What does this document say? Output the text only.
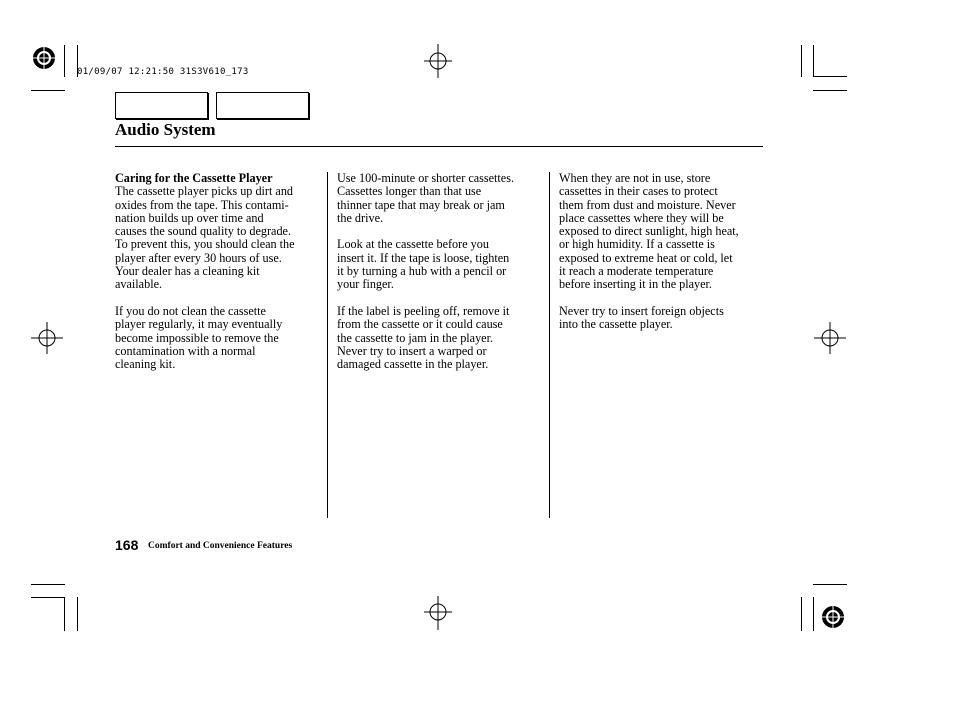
01/09/07 12:21:50 31S3V610_173
Audio System

Caring for the Cassette Player

The cassette player picks up dirt and
oxides from the tape. This contami-
nation builds up over time and
causes the sound quality to degrade.
To prevent this, you should clean the
player after every 30 hours of use.
Your dealer has a cleaning kit
available.

If you do not clean the cassette
player regularly, it may eventually
become impossible to remove the
contamination with a normal
cleaning kit.

Use 100-minute or shorter cassettes.
Cassettes longer than that use
thinner tape that may break or jam
the drive.

Look at the cassette before you
insert it. If the tape is loose, tighten
it by turning a hub with a pencil or
your finger.

If the label is peeling off, remove it
from the cassette or it could cause
the cassette to jam in the player.
Never try to insert a warped or
damaged cassette in the player.

When they are not in use, store
cassettes in their cases to protect
them from dust and moisture. Never
place cassettes where they will be
exposed to direct sunlight, high heat,
or high humidity. If a cassette is
exposed to extreme heat or cold, let
it reach a moderate temperature
before inserting it in the player.

Never try to insert foreign objects
into the cassette player.

168 Comfort and Convenience Features
